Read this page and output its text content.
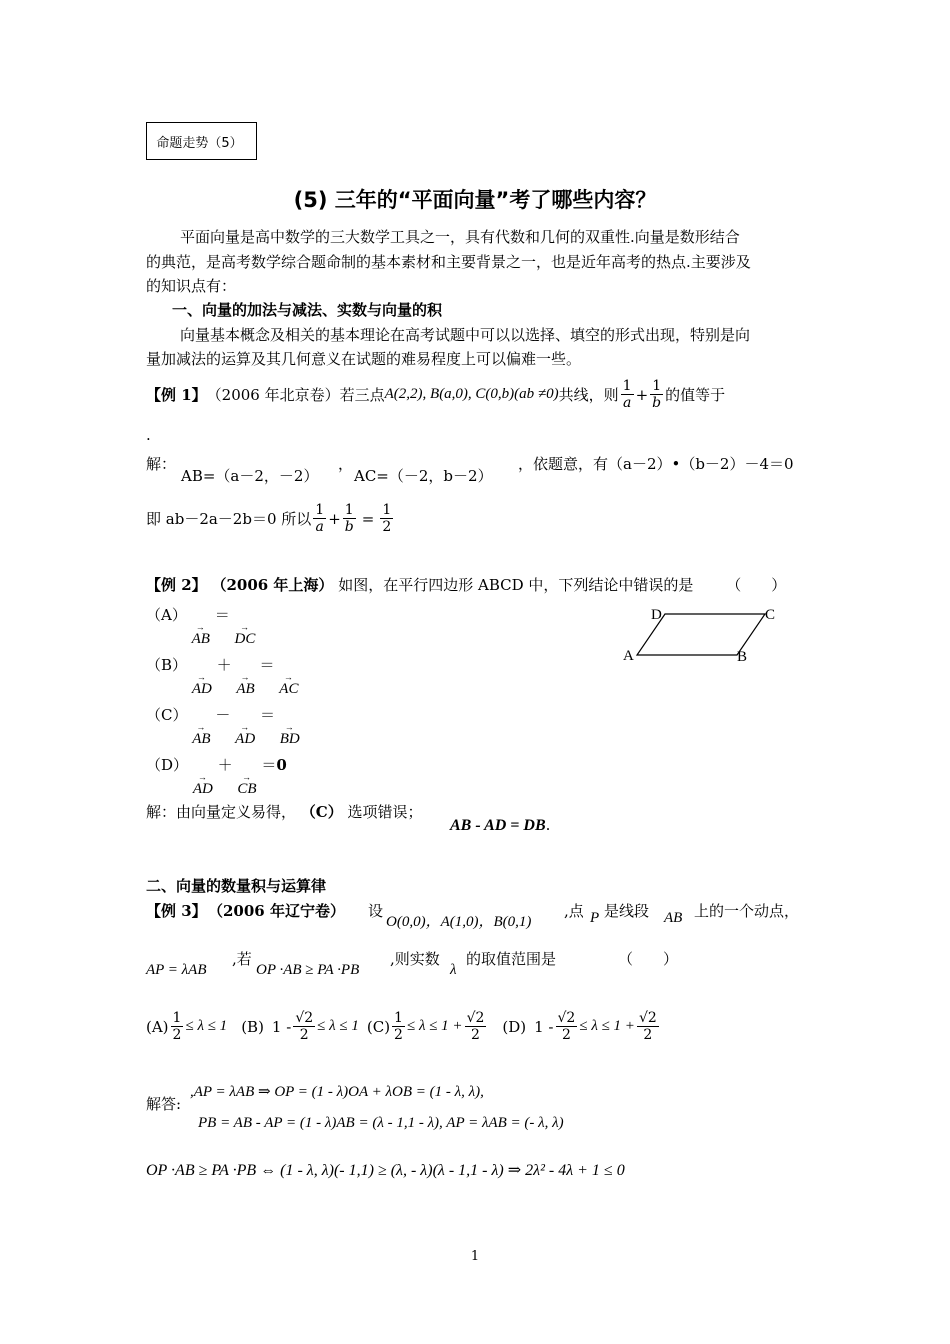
命题走势（5）
(5) 三年的“平面向量”考了哪些内容？
平面向量是高中数学的三大数学工具之一，具有代数和几何的双重性.向量是数形结合
的典范，是高考数学综合题命制的基本素材和主要背景之一，也是近年高考的热点.主要涉及
的知识点有：
一、向量的加法与减法、实数与向量的积
向量基本概念及相关的基本理论在高考试题中可以以选择、填空的形式出现，特别是向
量加减法的运算及其几何意义在试题的难易程度上可以偏难一些。
【例 1】 （2006 年北京卷）若三点 A(2,2), B(a,0), C(0,b)(ab ≠0) 共线，则 $\frac{1}{a} + \frac{1}{b}$ 的值等于
.
解：
AB=（a－2，－2）
，
AC=（－2，b－2）
，依题意，有（a－2）•（b－2）－4＝0
即 ab－2a－2b＝0 所以 $\frac{1}{a} + \frac{1}{b} = \frac{1}{2}$
【例 2】 （2006 年上海） 如图，在平行四边形 ABCD 中，下列结论中错误的是 （　　）
（A）
→
AB
＝
→
DC
（B）
→
AD
＋
→
AB
＝
→
AC
（C）
→
AB
－
→
AD
＝
→
BD
（D）
→
AD
＋
→
CB
＝0
A	B
C
D
解：由向量定义易得， （C） 选项错误；
AB - AD = DB.
二、向量的数量积与运算律
【例 3】 （2006 年辽宁卷） 设
O(0,0)，A(1,0)，B(0,1)
,点 P 是线段 AB 上的一个动点，
AP = λAB
,若
OP ·AB ≥ PA ·PB
,则实数
λ
的取值范围是	（　　）
$(A) \frac{1}{2} \le \lambda \le 1$ (B) $1 - \frac{√2}{2} \le \lambda \le 1$ $(C) \frac{1}{2} \le \lambda \le 1 + \frac{√2}{2} (D)$ $1 - \frac{√2}{2} \le \lambda \le 1 + \frac{√2}{2}$
解答:
,AP = λAB ⇒ OP = (1 - λ)OA + λOB = (1 - λ, λ),
PB = AB - AP = (1 - λ)AB = (λ - 1,1 - λ), AP = λAB = (- λ, λ)
OP ·AB ≥ PA ·PB ⇔ (1 - λ, λ)(- 1,1) ≥ (λ, - λ)(λ - 1,1 - λ) ⇒ 2λ² - 4λ + 1 ≤ 0
1
